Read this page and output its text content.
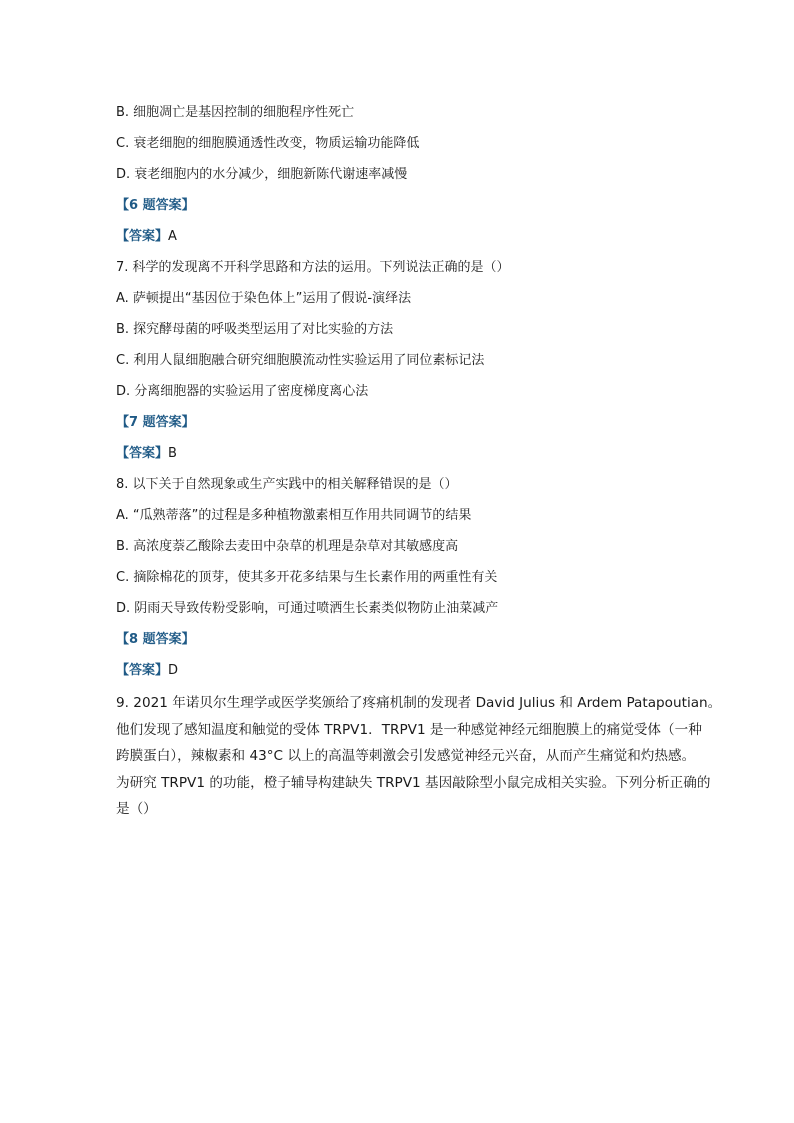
B. 细胞凋亡是基因控制的细胞程序性死亡
C. 衰老细胞的细胞膜通透性改变，物质运输功能降低
D. 衰老细胞内的水分减少，细胞新陈代谢速率减慢
【6 题答案】
【答案】A
7. 科学的发现离不开科学思路和方法的运用。下列说法正确的是（）
A. 萨顿提出“基因位于染色体上”运用了假说-演绎法
B. 探究酵母菌的呼吸类型运用了对比实验的方法
C. 利用人鼠细胞融合研究细胞膜流动性实验运用了同位素标记法
D. 分离细胞器的实验运用了密度梯度离心法
【7 题答案】
【答案】B
8. 以下关于自然现象或生产实践中的相关解释错误的是（）
A. “瓜熟蒂落”的过程是多种植物激素相互作用共同调节的结果
B. 高浓度萘乙酸除去麦田中杂草的机理是杂草对其敏感度高
C. 摘除棉花的顶芽，使其多开花多结果与生长素作用的两重性有关
D. 阴雨天导致传粉受影响，可通过喷洒生长素类似物防止油菜减产
【8 题答案】
【答案】D
9. 2021 年诺贝尔生理学或医学奖颁给了疼痛机制的发现者 David Julius 和 Ardem Patapoutian。
他们发现了感知温度和触觉的受体 TRPV1．TRPV1 是一种感觉神经元细胞膜上的痛觉受体（一种
跨膜蛋白），辣椒素和 43°C 以上的高温等刺激会引发感觉神经元兴奋，从而产生痛觉和灼热感。
为研究 TRPV1 的功能，橙子辅导构建缺失 TRPV1 基因敲除型小鼠完成相关实验。下列分析正确的
是（）
